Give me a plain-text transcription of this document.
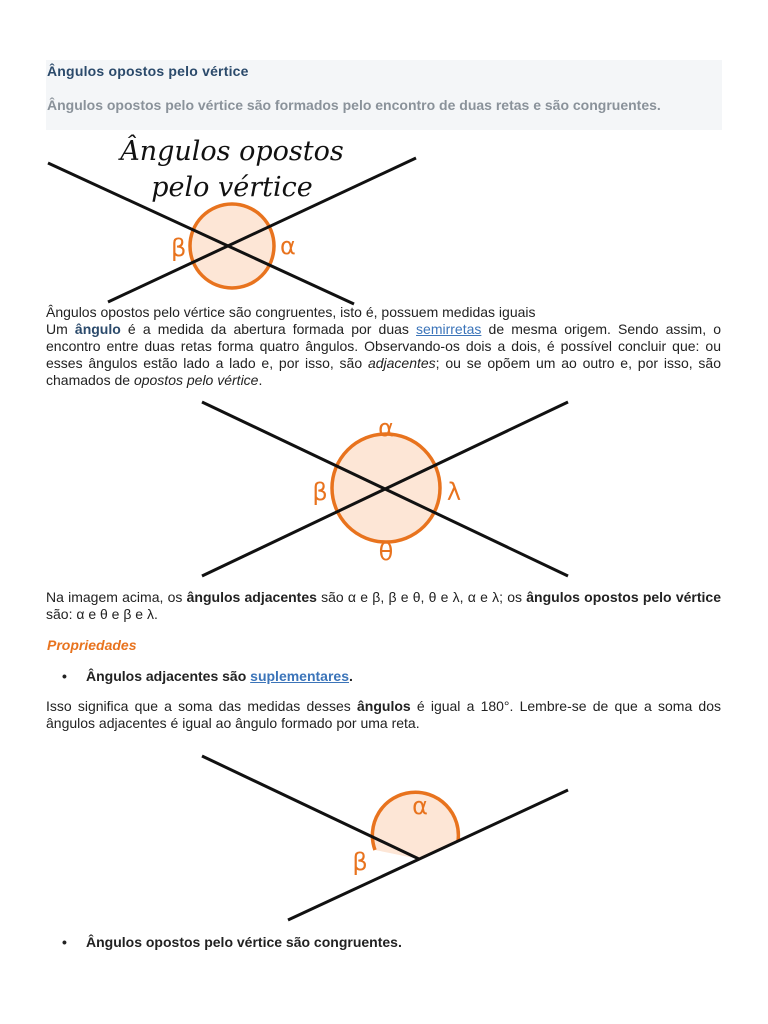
Ângulos opostos pelo vértice
Ângulos opostos pelo vértice são formados pelo encontro de duas retas e são congruentes.
Ângulos opostos
pelo vértice
β	α
Ângulos opostos pelo vértice são congruentes, isto é, possuem medidas iguais
Um ângulo é a medida da abertura formada por duas semirretas de mesma origem. Sendo assim, o encontro entre duas retas forma quatro ângulos. Observando-os dois a dois, é possível concluir que: ou esses ângulos estão lado a lado e, por isso, são adjacentes; ou se opõem um ao outro e, por isso, são chamados de opostos pelo vértice.
α
β	λ
θ
Na imagem acima, os ângulos adjacentes são α e β, β e θ, θ e λ, α e λ; os ângulos opostos pelo vértice são: α e θ e β e λ.
Propriedades
• Ângulos adjacentes são suplementares.
Isso significa que a soma das medidas desses ângulos é igual a 180°. Lembre-se de que a soma dos ângulos adjacentes é igual ao ângulo formado por uma reta.
α
β
• Ângulos opostos pelo vértice são congruentes.
